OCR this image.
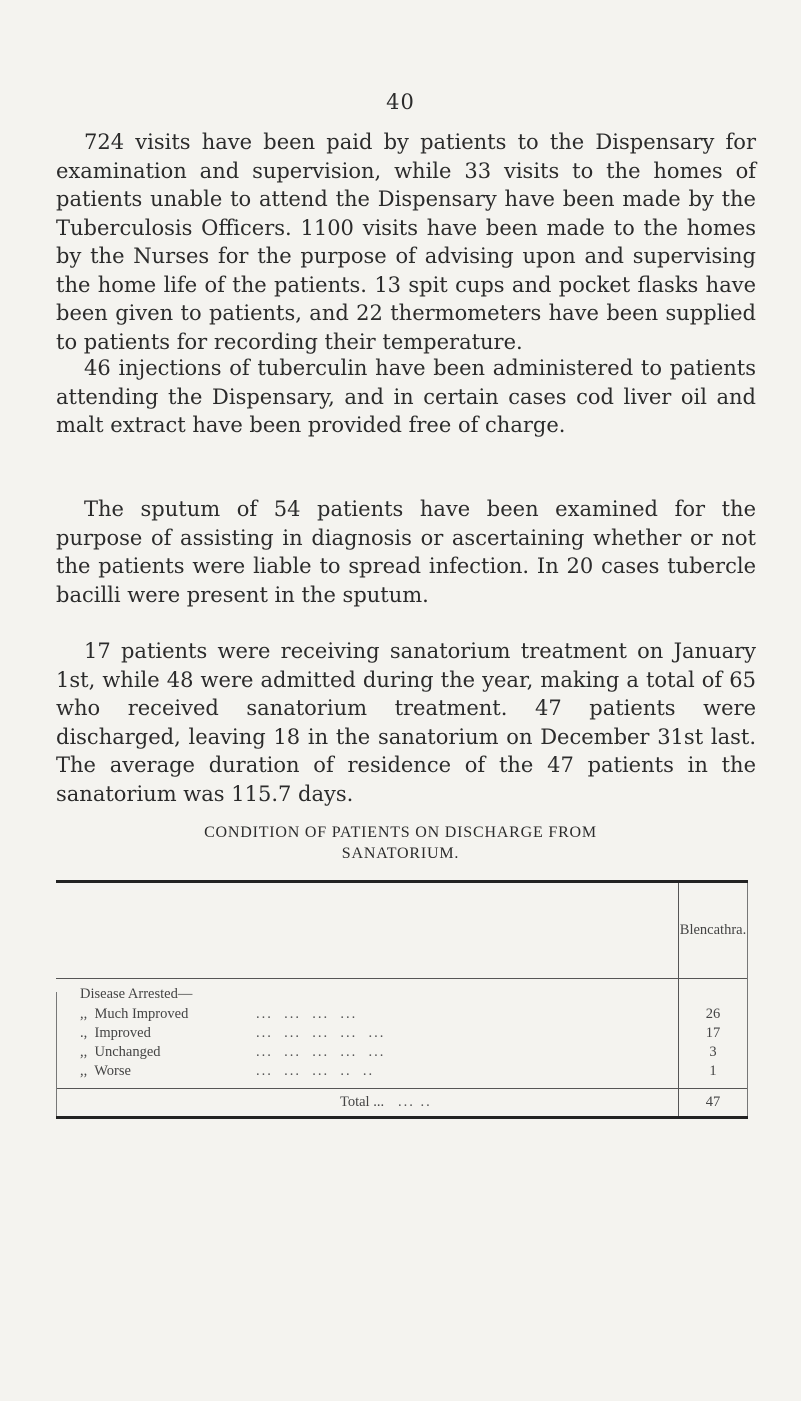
40

724 visits have been paid by patients to the Dispensary for examination and supervision, while 33 visits to the homes of patients unable to attend the Dispensary have been made by the Tuberculosis Officers. 1100 visits have been made to the homes by the Nurses for the purpose of advising upon and supervising the home life of the patients. 13 spit cups and pocket flasks have been given to patients, and 22 thermometers have been supplied to patients for recording their temperature.

46 injections of tuberculin have been administered to patients attending the Dispensary, and in certain cases cod liver oil and malt extract have been provided free of charge.

The sputum of 54 patients have been examined for the purpose of assisting in diagnosis or ascertaining whether or not the patients were liable to spread infection. In 20 cases tubercle bacilli were present in the sputum.

17 patients were receiving sanatorium treatment on January 1st, while 48 were admitted during the year, making a total of 65 who received sanatorium treatment. 47 patients were discharged, leaving 18 in the sanatorium on December 31st last. The average duration of residence of the 47 patients in the sanatorium was 115.7 days.

CONDITION OF PATIENTS ON DISCHARGE FROM
SANATORIUM.
Blencathra.
Disease Arrested—
,,  Much Improved	...  ...  ...  ...	26
.,  Improved	...  ...  ...  ...  ...	17
,,  Unchanged	...  ...  ...  ...  ...	3
,,  Worse	...  ...  ...  ..  ..	1
Total ... ... ..	47
